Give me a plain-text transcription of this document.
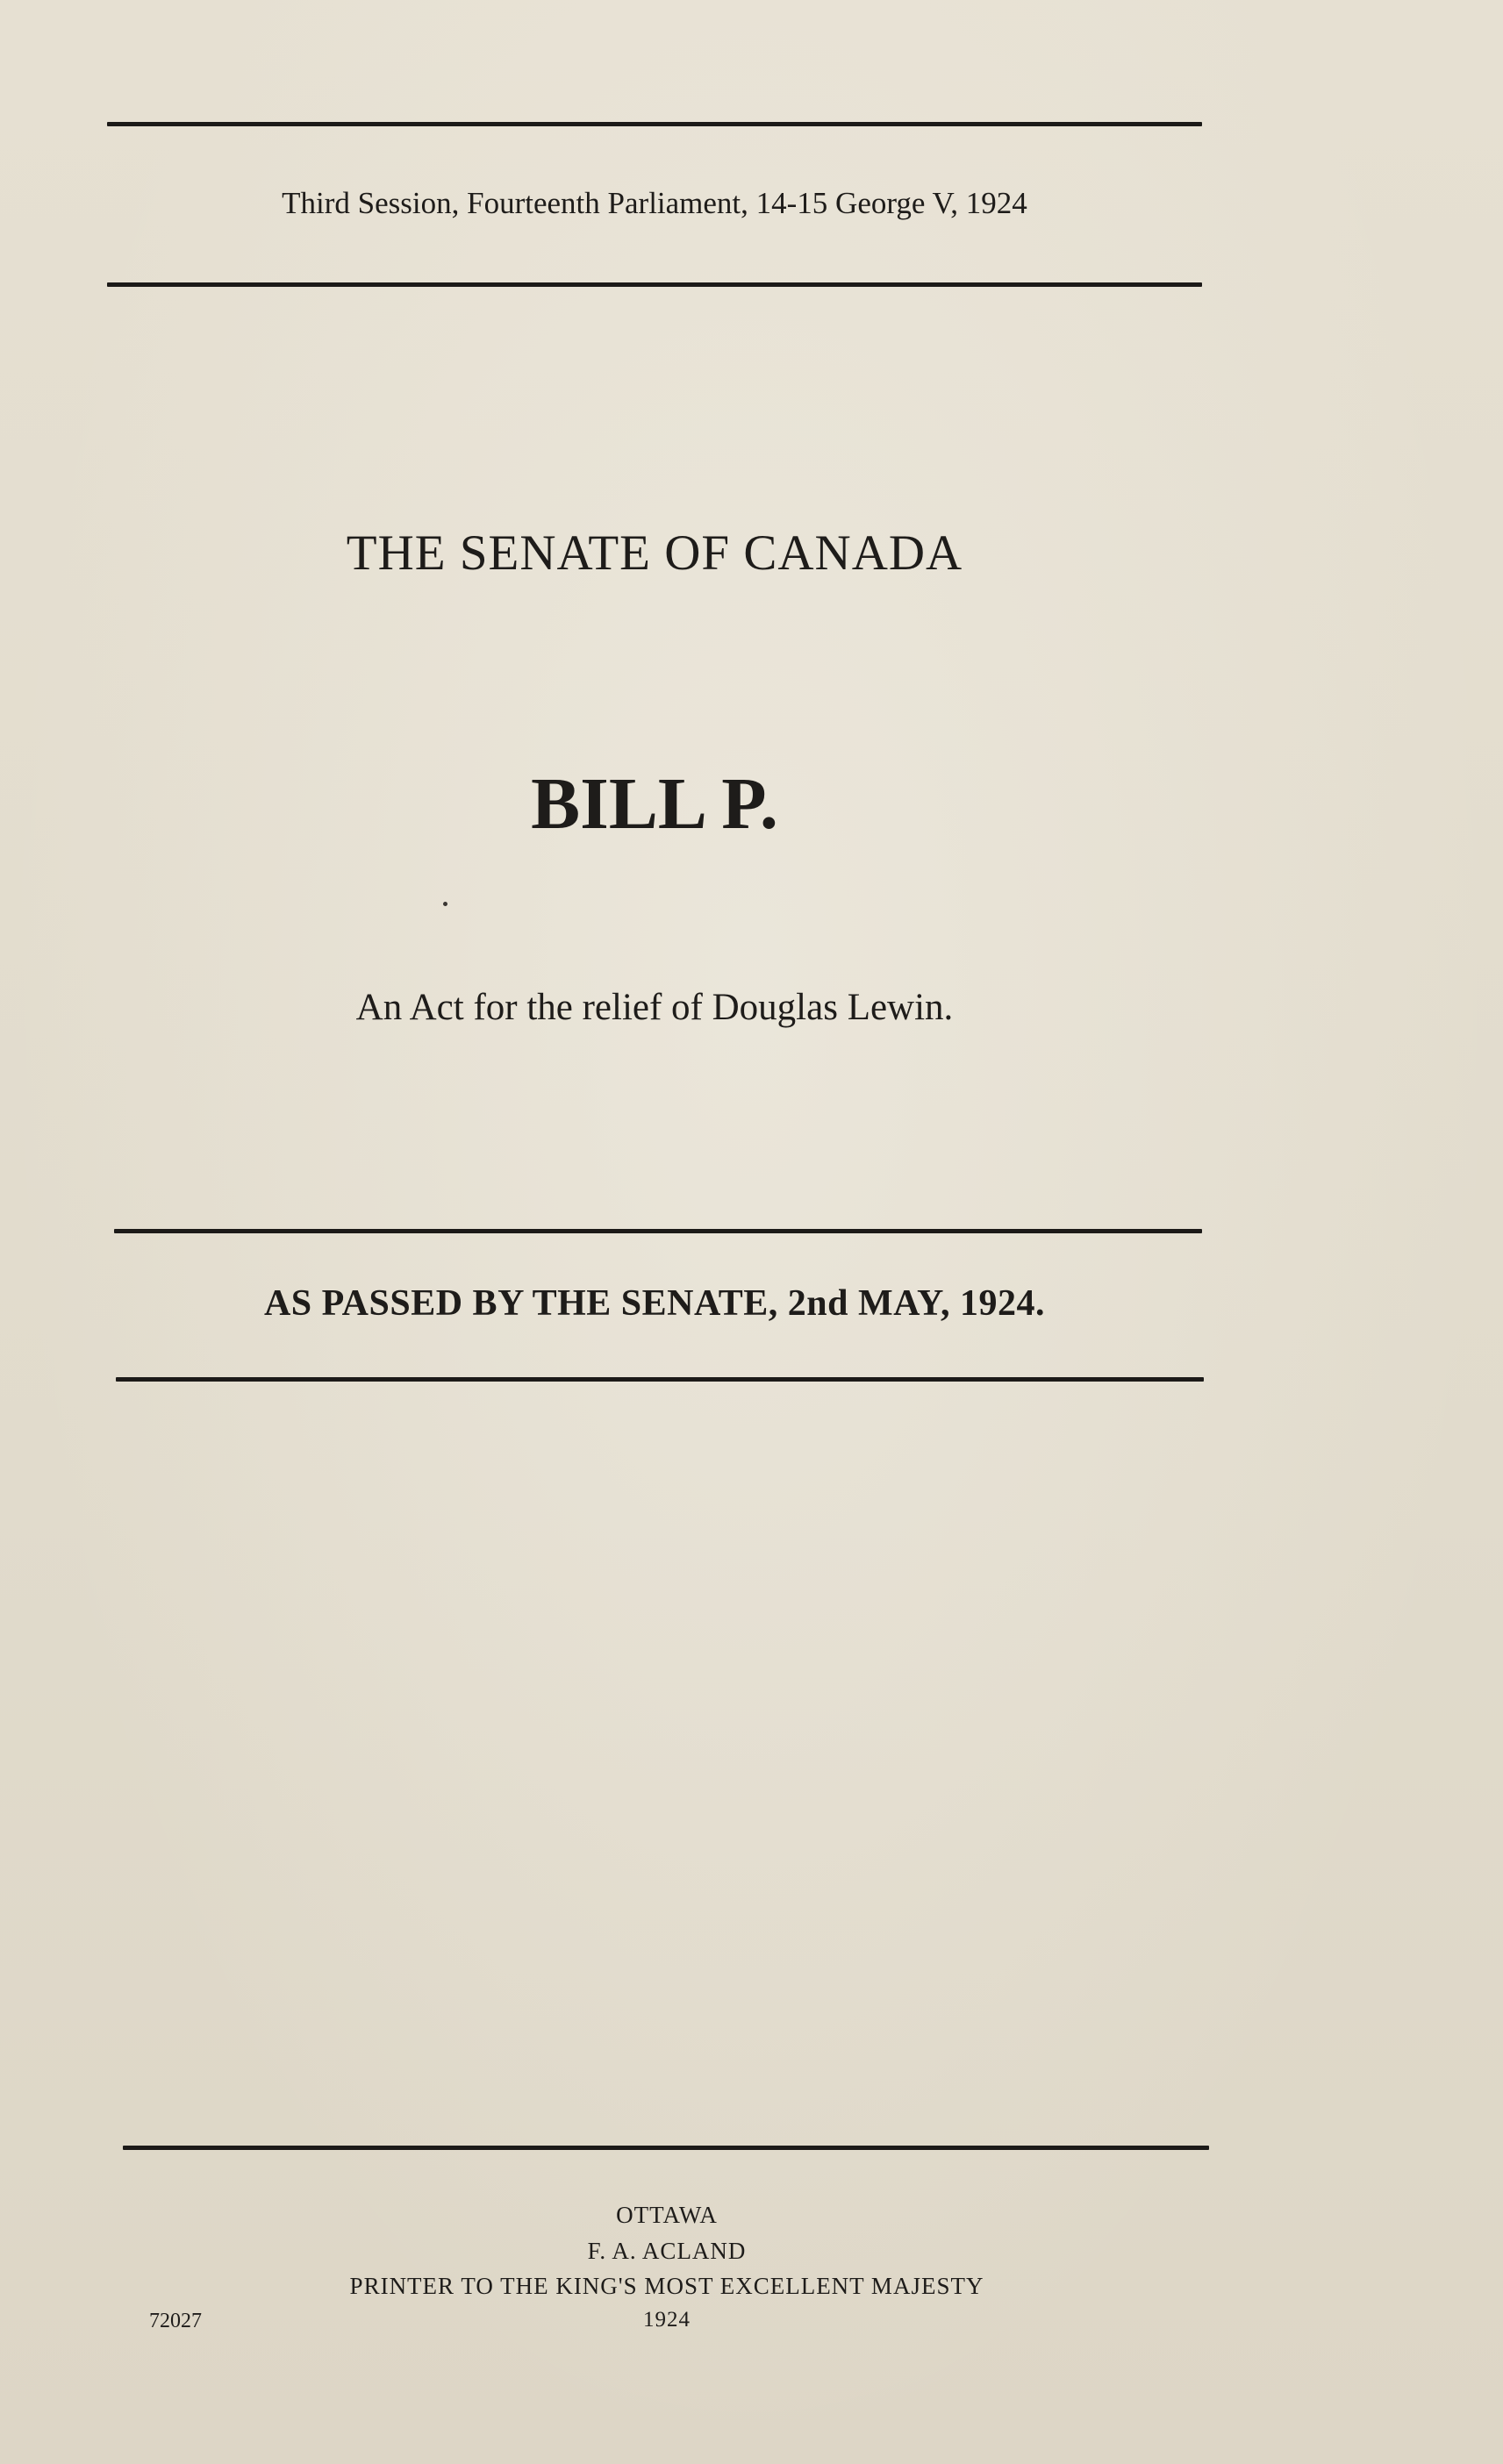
Third Session, Fourteenth Parliament, 14-15 George V, 1924
THE SENATE OF CANADA
BILL P.
An Act for the relief of Douglas Lewin.
AS PASSED BY THE SENATE, 2nd MAY, 1924.
OTTAWA
F. A. ACLAND
PRINTER TO THE KING'S MOST EXCELLENT MAJESTY
1924
72027
